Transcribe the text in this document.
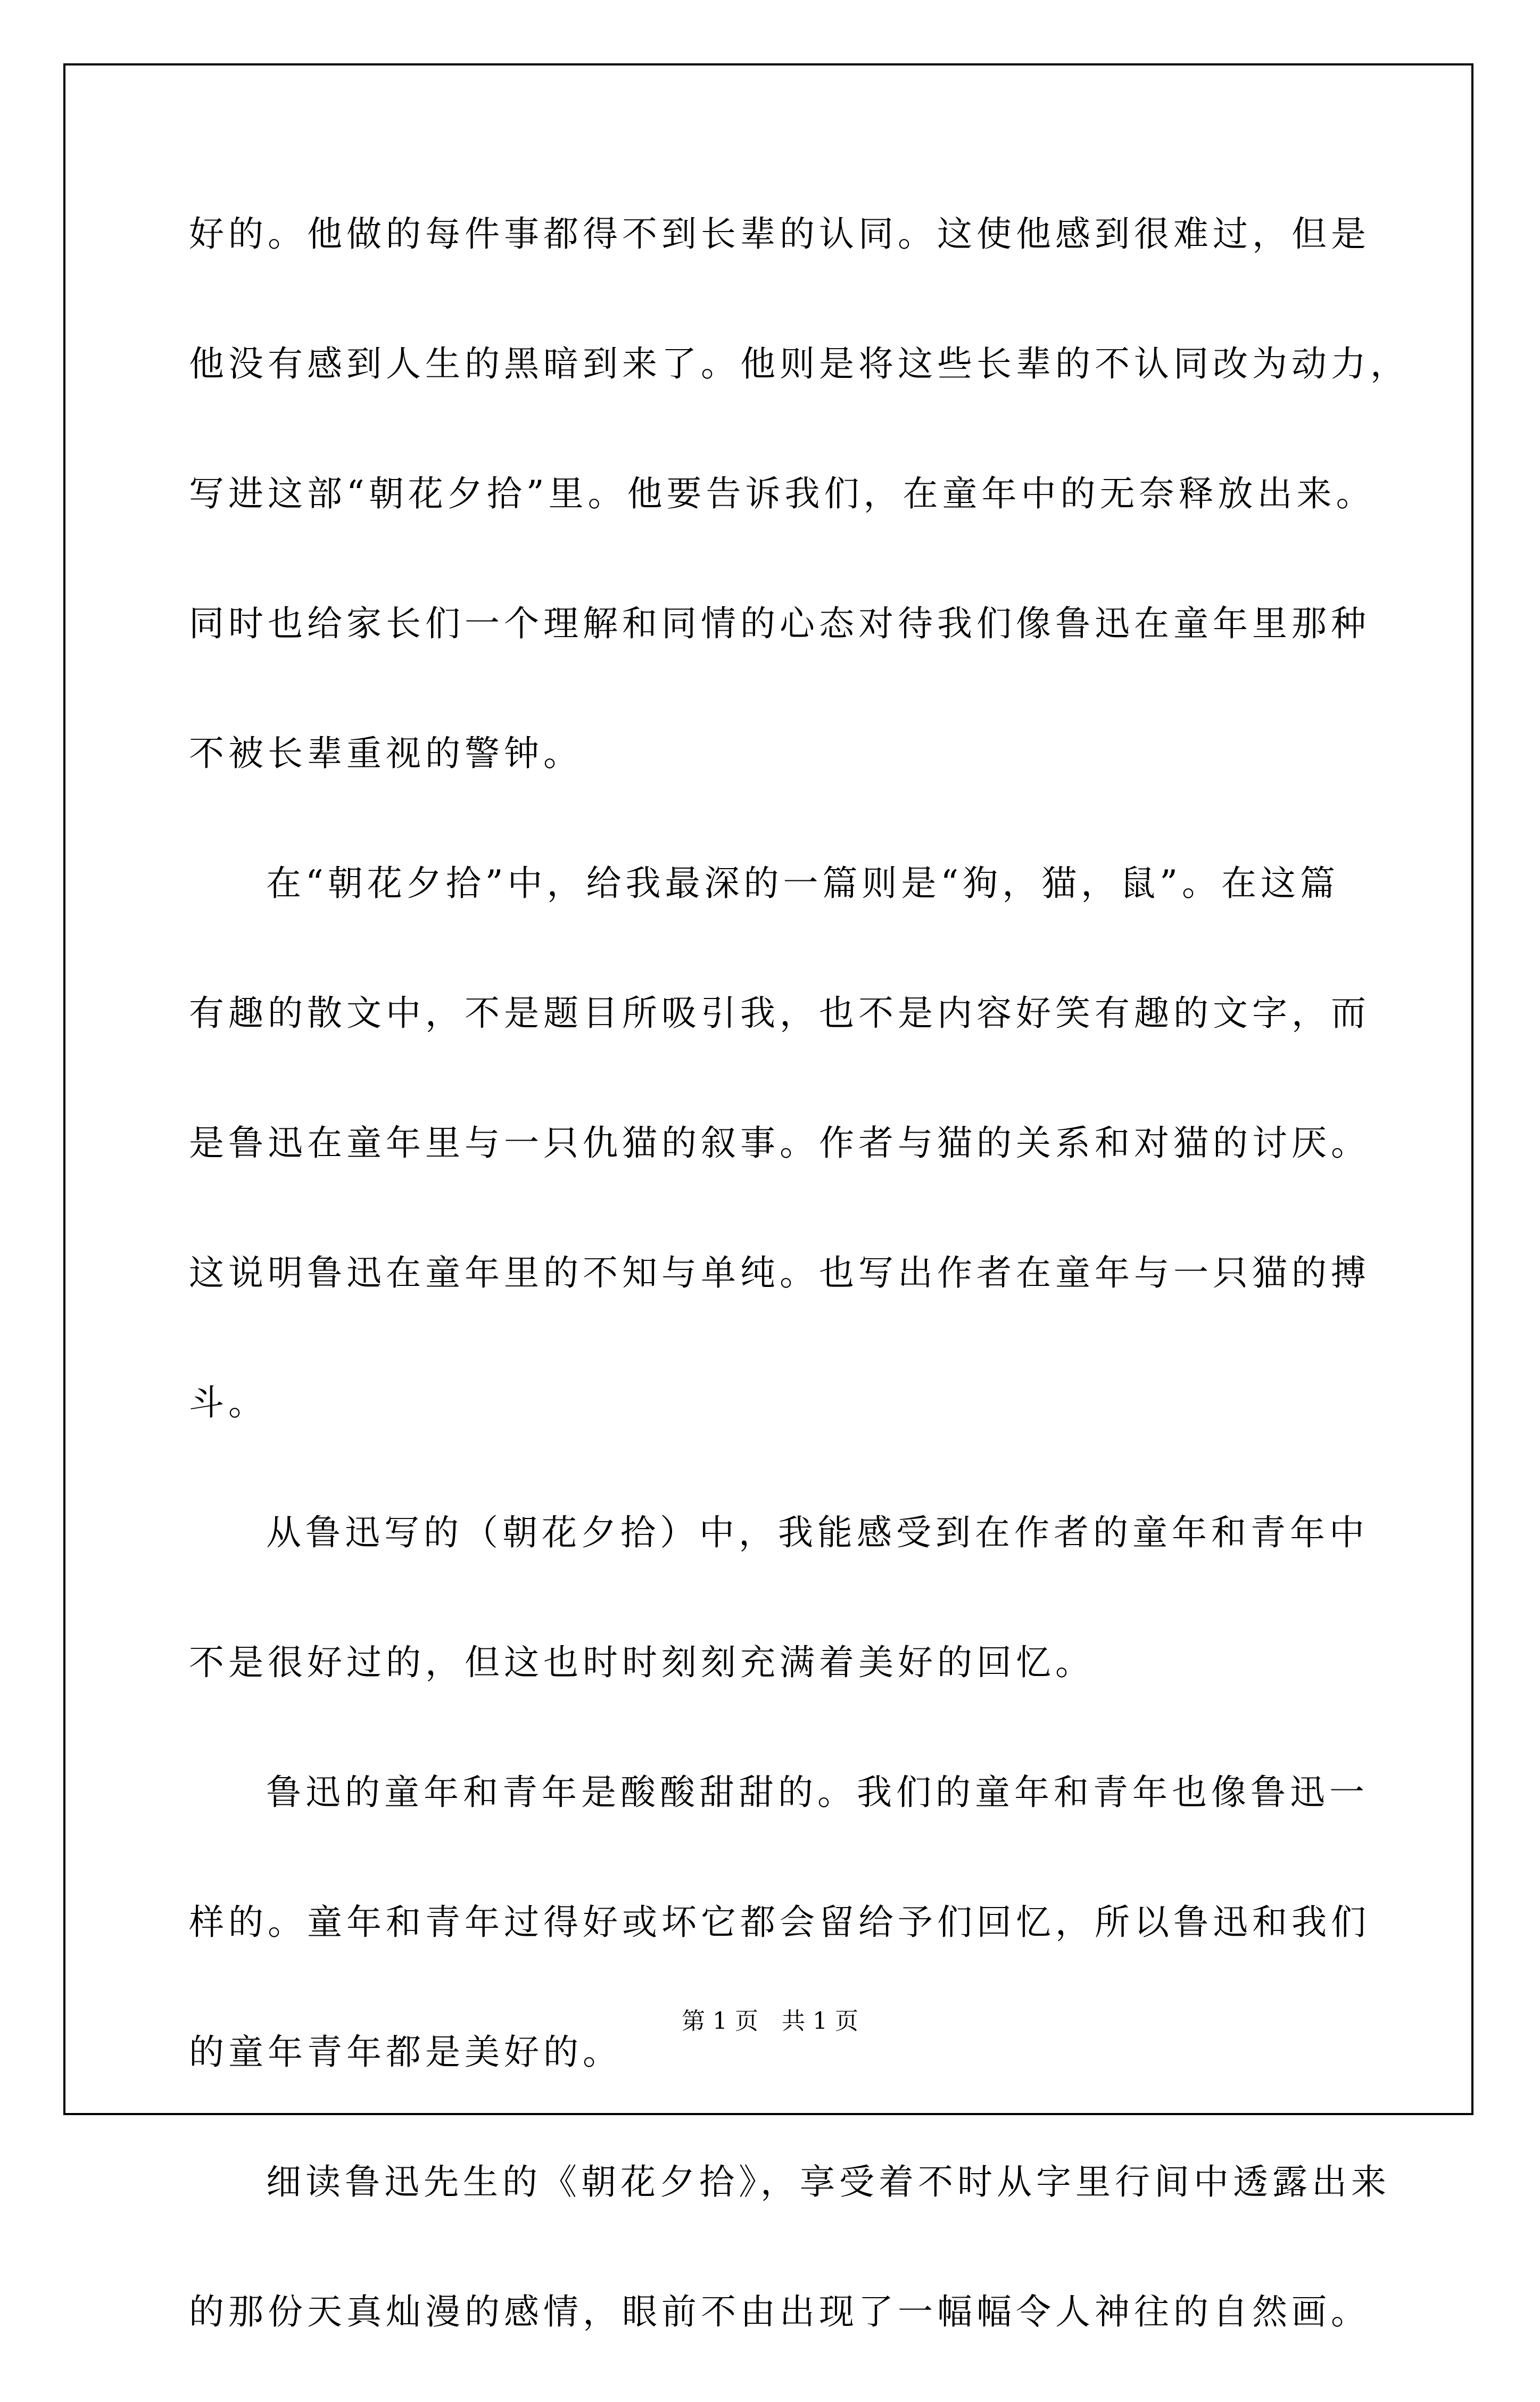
好的。他做的每件事都得不到长辈的认同。这使他感到很难过，但是
他没有感到人生的黑暗到来了。他则是将这些长辈的不认同改为动力，
写进这部“朝花夕拾”里。他要告诉我们，在童年中的无奈释放出来。
同时也给家长们一个理解和同情的心态对待我们像鲁迅在童年里那种
不被长辈重视的警钟。
在“朝花夕拾”中，给我最深的一篇则是“狗，猫，鼠”。在这篇
有趣的散文中，不是题目所吸引我，也不是内容好笑有趣的文字，而
是鲁迅在童年里与一只仇猫的叙事。作者与猫的关系和对猫的讨厌。
这说明鲁迅在童年里的不知与单纯。也写出作者在童年与一只猫的搏
斗。
从鲁迅写的（朝花夕拾）中，我能感受到在作者的童年和青年中
不是很好过的，但这也时时刻刻充满着美好的回忆。
鲁迅的童年和青年是酸酸甜甜的。我们的童年和青年也像鲁迅一
样的。童年和青年过得好或坏它都会留给予们回忆，所以鲁迅和我们
的童年青年都是美好的。
细读鲁迅先生的《朝花夕拾》，享受着不时从字里行间中透露出来
的那份天真灿漫的感情，眼前不由出现了一幅幅令人神往的自然画。
第 1 页　共 1 页
